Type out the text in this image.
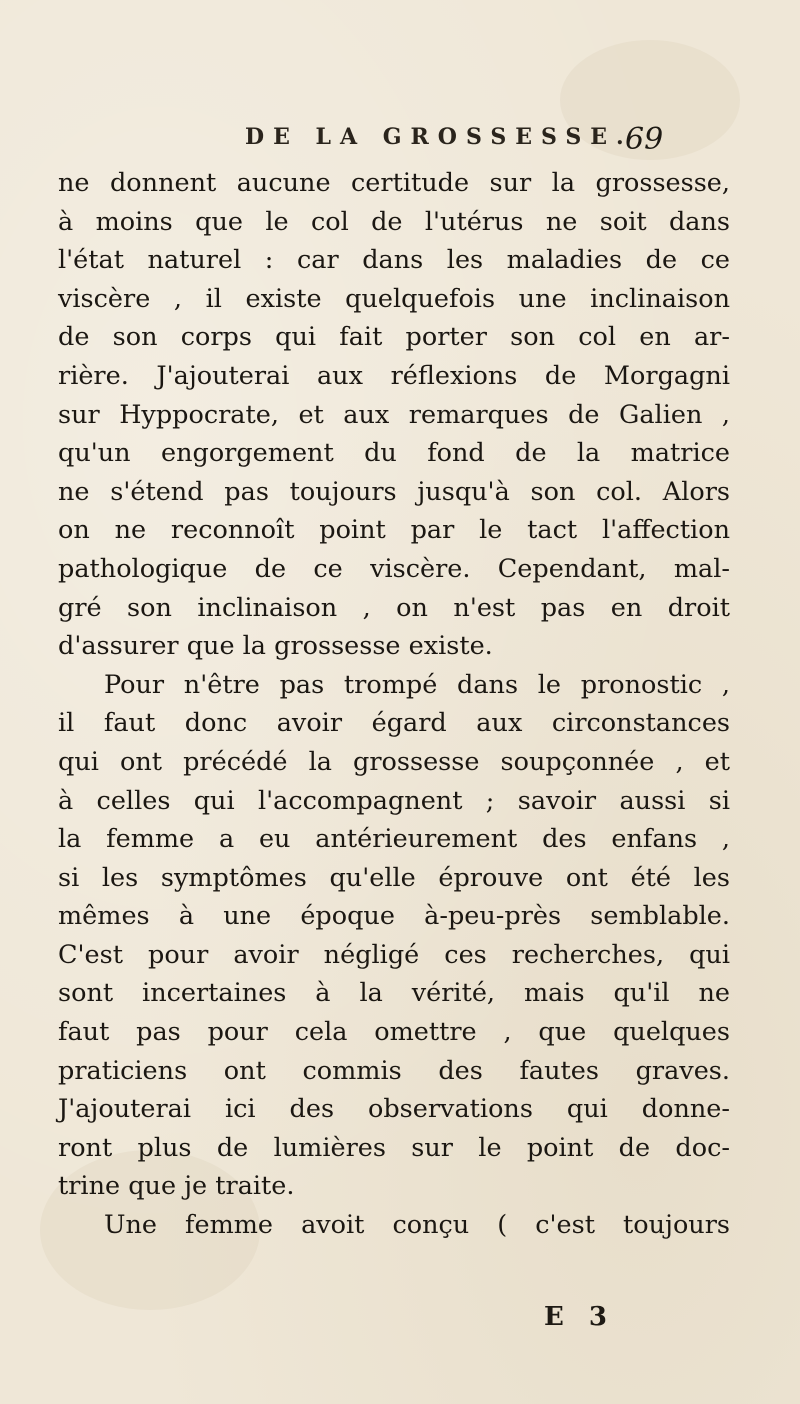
DE LA GROSSESSE.
69
ne donnent aucune certitude sur la grossesse,
à moins que le col de l'utérus ne soit dans
l'état naturel : car dans les maladies de ce
viscère , il existe quelquefois une inclinaison
de son corps qui fait porter son col en ar-
rière. J'ajouterai aux réflexions de Morgagni
sur Hyppocrate, et aux remarques de Galien ,
qu'un engorgement du fond de la matrice
ne s'étend pas toujours jusqu'à son col. Alors
on ne reconnoît point par le tact l'affection
pathologique de ce viscère. Cependant, mal-
gré son inclinaison , on n'est pas en droit
d'assurer que la grossesse existe.
Pour n'être pas trompé dans le pronostic ,
il faut donc avoir égard aux circonstances
qui ont précédé la grossesse soupçonnée , et
à celles qui l'accompagnent ; savoir aussi si
la femme a eu antérieurement des enfans ,
si les symptômes qu'elle éprouve ont été les
mêmes à une époque à-peu-près semblable.
C'est pour avoir négligé ces recherches, qui
sont incertaines à la vérité, mais qu'il ne
faut pas pour cela omettre , que quelques
praticiens ont commis des fautes graves.
J'ajouterai ici des observations qui donne-
ront plus de lumières sur le point de doc-
trine que je traite.
Une femme avoit conçu ( c'est toujours
E 3
